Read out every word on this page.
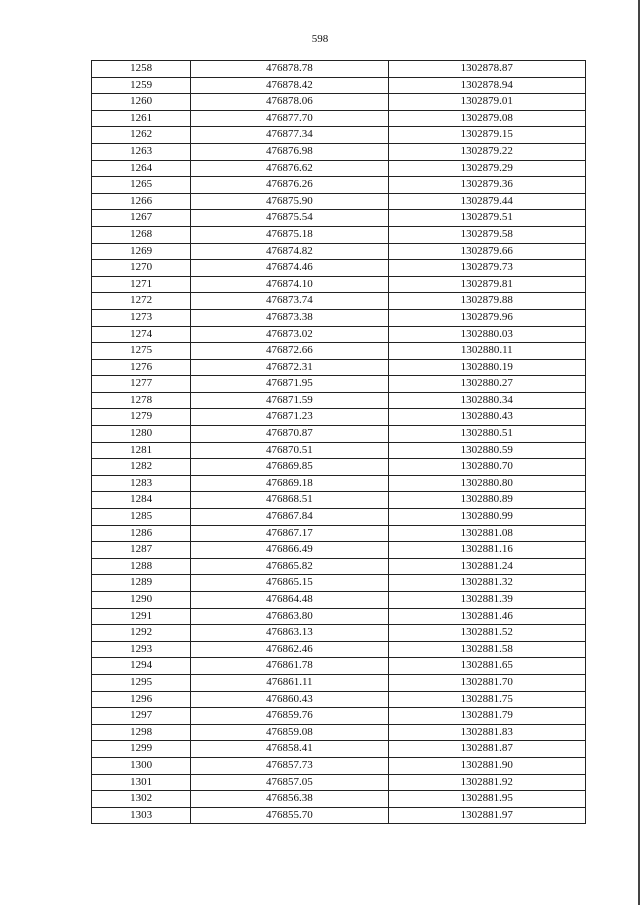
598
1258	476878.78	1302878.87
1259	476878.42	1302878.94
1260	476878.06	1302879.01
1261	476877.70	1302879.08
1262	476877.34	1302879.15
1263	476876.98	1302879.22
1264	476876.62	1302879.29
1265	476876.26	1302879.36
1266	476875.90	1302879.44
1267	476875.54	1302879.51
1268	476875.18	1302879.58
1269	476874.82	1302879.66
1270	476874.46	1302879.73
1271	476874.10	1302879.81
1272	476873.74	1302879.88
1273	476873.38	1302879.96
1274	476873.02	1302880.03
1275	476872.66	1302880.11
1276	476872.31	1302880.19
1277	476871.95	1302880.27
1278	476871.59	1302880.34
1279	476871.23	1302880.43
1280	476870.87	1302880.51
1281	476870.51	1302880.59
1282	476869.85	1302880.70
1283	476869.18	1302880.80
1284	476868.51	1302880.89
1285	476867.84	1302880.99
1286	476867.17	1302881.08
1287	476866.49	1302881.16
1288	476865.82	1302881.24
1289	476865.15	1302881.32
1290	476864.48	1302881.39
1291	476863.80	1302881.46
1292	476863.13	1302881.52
1293	476862.46	1302881.58
1294	476861.78	1302881.65
1295	476861.11	1302881.70
1296	476860.43	1302881.75
1297	476859.76	1302881.79
1298	476859.08	1302881.83
1299	476858.41	1302881.87
1300	476857.73	1302881.90
1301	476857.05	1302881.92
1302	476856.38	1302881.95
1303	476855.70	1302881.97
